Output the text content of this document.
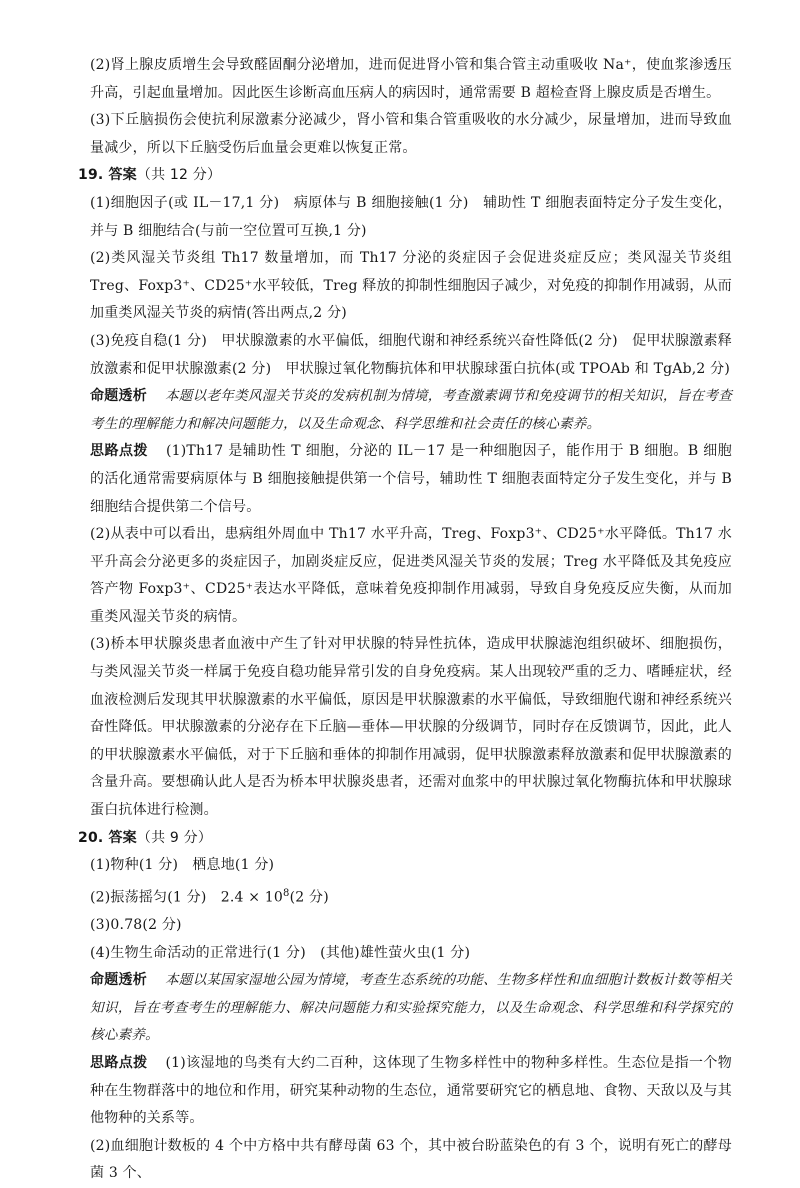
(2)肾上腺皮质增生会导致醛固酮分泌增加，进而促进肾小管和集合管主动重吸收 Na⁺，使血浆渗透压升高，引起血量增加。因此医生诊断高血压病人的病因时，通常需要 B 超检查肾上腺皮质是否增生。

(3)下丘脑损伤会使抗利尿激素分泌减少，肾小管和集合管重吸收的水分减少，尿量增加，进而导致血量减少，所以下丘脑受伤后血量会更难以恢复正常。

19. 答案（共 12 分）

(1)细胞因子(或 IL－17,1 分)　病原体与 B 细胞接触(1 分)　辅助性 T 细胞表面特定分子发生变化，并与 B 细胞结合(与前一空位置可互换,1 分)

(2)类风湿关节炎组 Th17 数量增加，而 Th17 分泌的炎症因子会促进炎症反应；类风湿关节炎组 Treg、Foxp3⁺、CD25⁺水平较低，Treg 释放的抑制性细胞因子减少，对免疫的抑制作用减弱，从而加重类风湿关节炎的病情(答出两点,2 分)

(3)免疫自稳(1 分)　甲状腺激素的水平偏低，细胞代谢和神经系统兴奋性降低(2 分)　促甲状腺激素释放激素和促甲状腺激素(2 分)　甲状腺过氧化物酶抗体和甲状腺球蛋白抗体(或 TPOAb 和 TgAb,2 分)

命题透析 本题以老年类风湿关节炎的发病机制为情境，考查激素调节和免疫调节的相关知识，旨在考查考生的理解能力和解决问题能力，以及生命观念、科学思维和社会责任的核心素养。

思路点拨 (1)Th17 是辅助性 T 细胞，分泌的 IL－17 是一种细胞因子，能作用于 B 细胞。B 细胞的活化通常需要病原体与 B 细胞接触提供第一个信号，辅助性 T 细胞表面特定分子发生变化，并与 B 细胞结合提供第二个信号。

(2)从表中可以看出，患病组外周血中 Th17 水平升高，Treg、Foxp3⁺、CD25⁺水平降低。Th17 水平升高会分泌更多的炎症因子，加剧炎症反应，促进类风湿关节炎的发展；Treg 水平降低及其免疫应答产物 Foxp3⁺、CD25⁺表达水平降低，意味着免疫抑制作用减弱，导致自身免疫反应失衡，从而加重类风湿关节炎的病情。

(3)桥本甲状腺炎患者血液中产生了针对甲状腺的特异性抗体，造成甲状腺滤泡组织破坏、细胞损伤，与类风湿关节炎一样属于免疫自稳功能异常引发的自身免疫病。某人出现较严重的乏力、嗜睡症状，经血液检测后发现其甲状腺激素的水平偏低，原因是甲状腺激素的水平偏低，导致细胞代谢和神经系统兴奋性降低。甲状腺激素的分泌存在下丘脑—垂体—甲状腺的分级调节，同时存在反馈调节，因此，此人的甲状腺激素水平偏低，对于下丘脑和垂体的抑制作用减弱，促甲状腺激素释放激素和促甲状腺激素的含量升高。要想确认此人是否为桥本甲状腺炎患者，还需对血浆中的甲状腺过氧化物酶抗体和甲状腺球蛋白抗体进行检测。

20. 答案（共 9 分）

(1)物种(1 分)　栖息地(1 分)

(2)振荡摇匀(1 分)　$2.4 \times 10^8(2$ 分)

(3)0.78(2 分)

(4)生物生命活动的正常进行(1 分)　(其他)雄性萤火虫(1 分)

命题透析 本题以某国家湿地公园为情境，考查生态系统的功能、生物多样性和血细胞计数板计数等相关知识，旨在考查考生的理解能力、解决问题能力和实验探究能力，以及生命观念、科学思维和科学探究的核心素养。

思路点拨 (1)该湿地的鸟类有大约二百种，这体现了生物多样性中的物种多样性。生态位是指一个物种在生物群落中的地位和作用，研究某种动物的生态位，通常要研究它的栖息地、食物、天敌以及与其他物种的关系等。

(2)血细胞计数板的 4 个中方格中共有酵母菌 63 个，其中被台盼蓝染色的有 3 个，说明有死亡的酵母菌 3 个、
